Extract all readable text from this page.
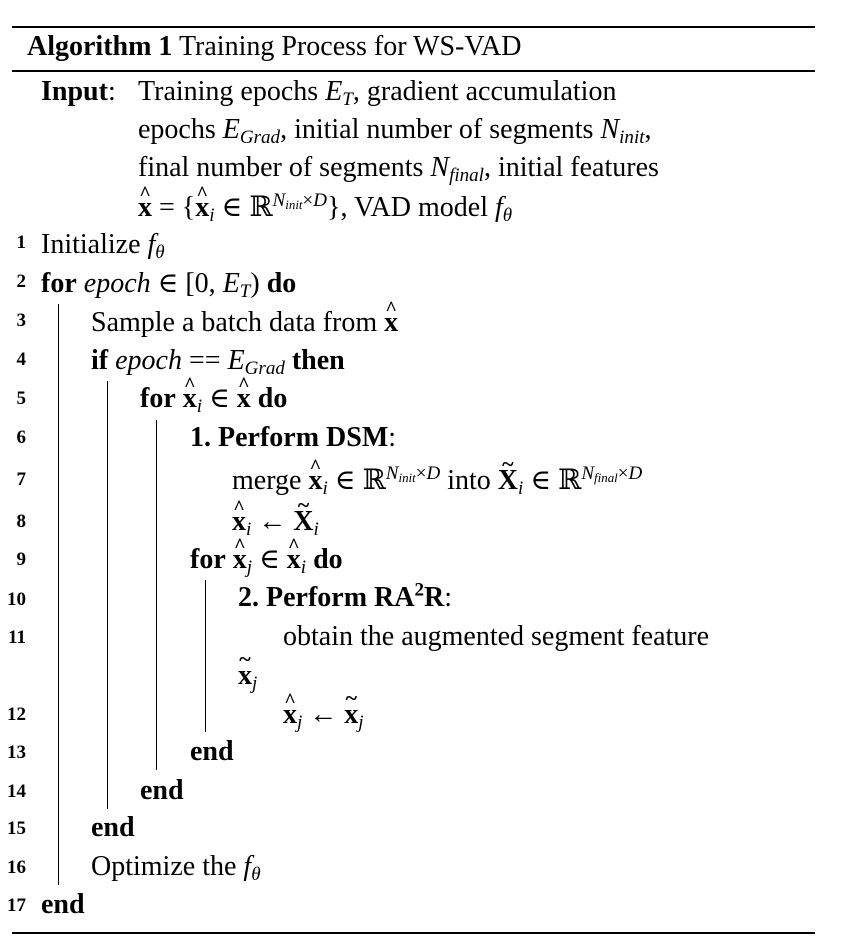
Algorithm 1 Training Process for WS-VAD
Input: Training epochs $E_T$, gradient accumulation
epochs $E_{Grad}$, initial number of segments $N_{init}$,
final number of segments $N_{final}$, initial features
x ^ = {x $\^{}_i$ ∈ ℝ$^{N_{init}\times D}$}, VAD model $f_\theta$
1
2
3
4
5
6
7
8
9
10
11
12
13
14
15
16
17
Initialize $f_\theta$
for epoch ∈ [0, $E_T$) do
Sample a batch data from x ^
if epoch == $E_{Grad}$ then
for x $\^{}_i$ ∈ x ^ do
1. Perform DSM:
merge x $\^{}_i$ ∈ ℝ$^{N_{init}\times D}$ into X $\sim_i$ ∈ ℝ$^{N_{final}\times D}$
x $\^{}_i$ ← X $\sim_i$
for x $\^{}_j$ ∈ x $\^{}_i$ do
2. Perform $RA^2R$:
obtain the augmented segment feature
x $\sim_j$
x $\^{}_j$ ← x $\sim_j$
end
end
end
Optimize the $f_\theta$
end
